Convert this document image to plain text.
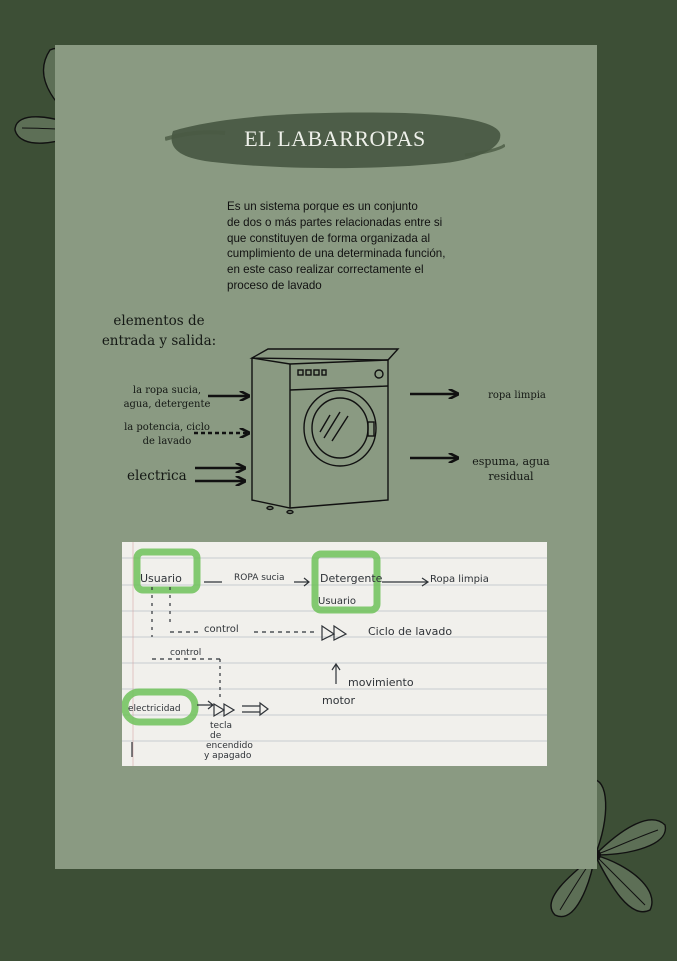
EL LABARROPAS
Es un sistema porque es un conjunto
de dos o más partes relacionadas entre si
que constituyen de forma organizada al
cumplimiento de una determinada función,
en este caso realizar correctamente el
proceso de lavado
elementos de
entrada y salida:
la ropa sucia,
agua, detergente
la potencia, ciclo
de lavado
electrica
ropa limpia
espuma, agua
residual
Usuario	ROPA sucia	Detergente	Ropa limpia
Usuario
control	Ciclo de lavado
control
movimiento
motor
electricidad
tecla
de
encendido
y apagado
